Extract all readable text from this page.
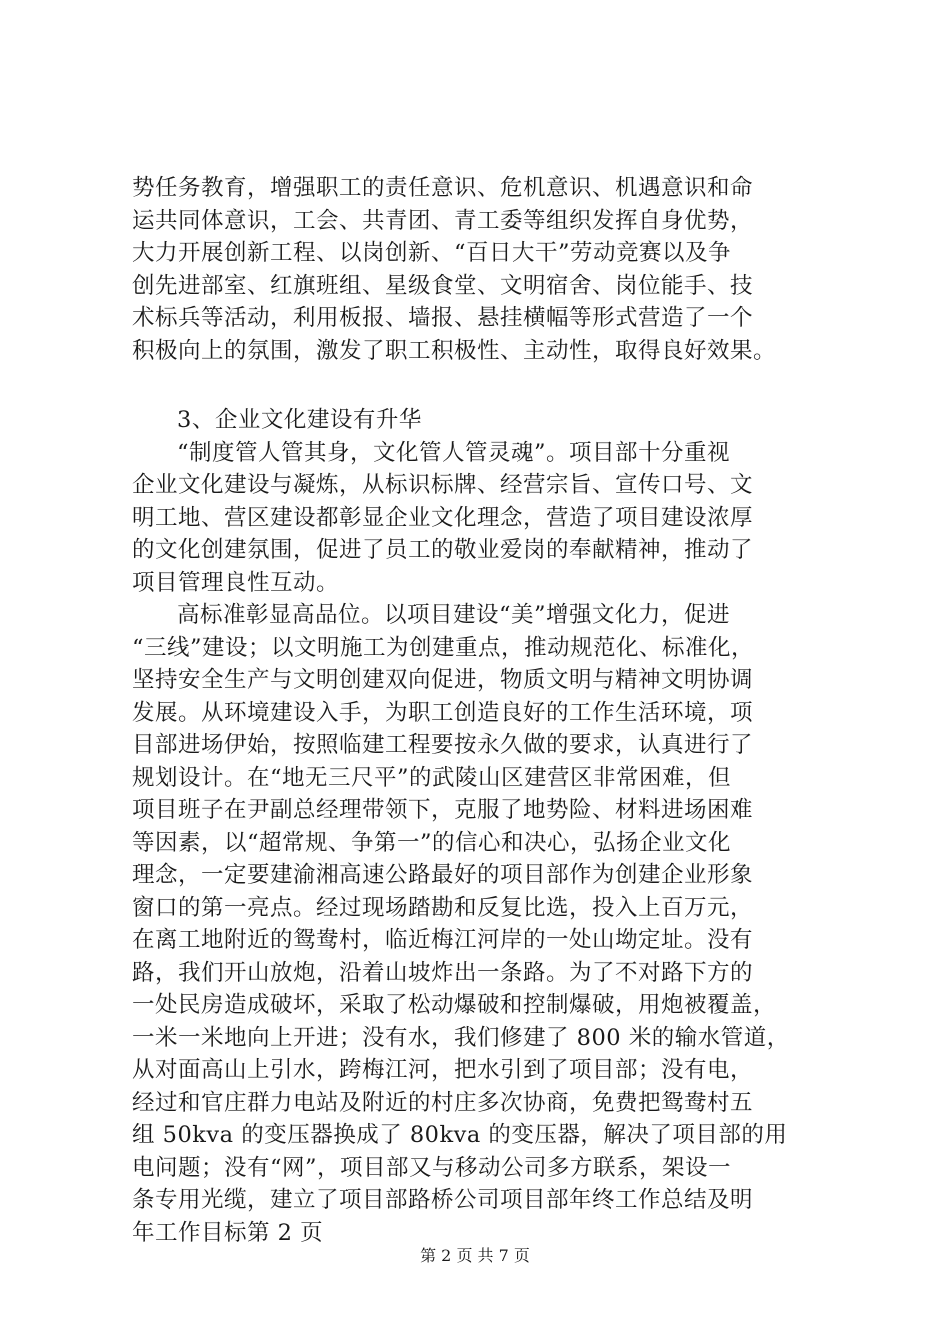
势任务教育，增强职工的责任意识、危机意识、机遇意识和命
运共同体意识，工会、共青团、青工委等组织发挥自身优势，
大力开展创新工程、以岗创新、“百日大干”劳动竞赛以及争
创先进部室、红旗班组、星级食堂、文明宿舍、岗位能手、技
术标兵等活动，利用板报、墙报、悬挂横幅等形式营造了一个
积极向上的氛围，激发了职工积极性、主动性，取得良好效果。
3、企业文化建设有升华
“制度管人管其身，文化管人管灵魂”。项目部十分重视
企业文化建设与凝炼，从标识标牌、经营宗旨、宣传口号、文
明工地、营区建设都彰显企业文化理念，营造了项目建设浓厚
的文化创建氛围，促进了员工的敬业爱岗的奉献精神，推动了
项目管理良性互动。
高标准彰显高品位。以项目建设“美”增强文化力，促进
“三线”建设；以文明施工为创建重点，推动规范化、标准化，
坚持安全生产与文明创建双向促进，物质文明与精神文明协调
发展。从环境建设入手，为职工创造良好的工作生活环境，项
目部进场伊始，按照临建工程要按永久做的要求，认真进行了
规划设计。在“地无三尺平”的武陵山区建营区非常困难，但
项目班子在尹副总经理带领下，克服了地势险、材料进场困难
等因素，以“超常规、争第一”的信心和决心，弘扬企业文化
理念，一定要建渝湘高速公路最好的项目部作为创建企业形象
窗口的第一亮点。经过现场踏勘和反复比选，投入上百万元，
在离工地附近的鸳鸯村，临近梅江河岸的一处山坳定址。没有
路，我们开山放炮，沿着山坡炸出一条路。为了不对路下方的
一处民房造成破坏，采取了松动爆破和控制爆破，用炮被覆盖，
一米一米地向上开进；没有水，我们修建了 800 米的输水管道，
从对面高山上引水，跨梅江河，把水引到了项目部；没有电，
经过和官庄群力电站及附近的村庄多次协商，免费把鸳鸯村五
组 50kva 的变压器换成了 80kva 的变压器，解决了项目部的用
电问题；没有“网”，项目部又与移动公司多方联系，架设一
条专用光缆，建立了项目部路桥公司项目部年终工作总结及明
年工作目标第 2 页
第 2 页 共 7 页
